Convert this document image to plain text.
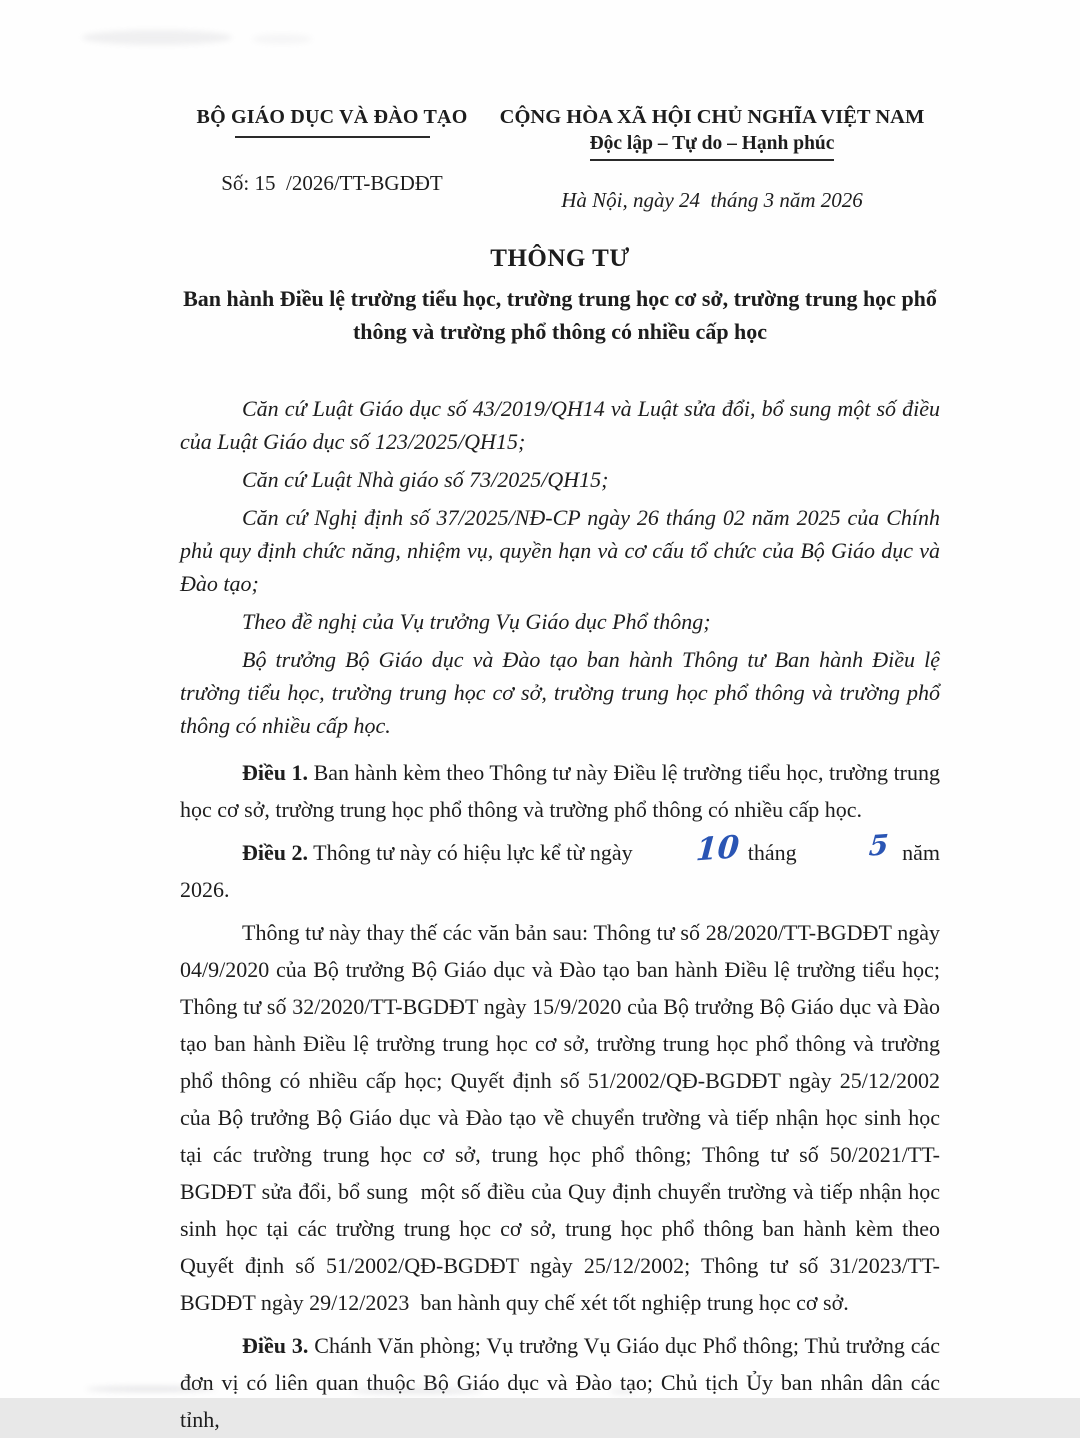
BỘ GIÁO DỤC VÀ ĐÀO TẠO
Số: 15  /2026/TT-BGDĐT
CỘNG HÒA XÃ HỘI CHỦ NGHĨA VIỆT NAM
Độc lập – Tự do – Hạnh phúc
Hà Nội, ngày 24  tháng 3 năm 2026
THÔNG TƯ
Ban hành Điều lệ trường tiểu học, trường trung học cơ sở, trường trung học phổ thông và trường phổ thông có nhiều cấp học

Căn cứ Luật Giáo dục số 43/2019/QH14 và Luật sửa đổi, bổ sung một số điều của Luật Giáo dục số 123/2025/QH15;

Căn cứ Luật Nhà giáo số 73/2025/QH15;

Căn cứ Nghị định số 37/2025/NĐ-CP ngày 26 tháng 02 năm 2025 của Chính phủ quy định chức năng, nhiệm vụ, quyền hạn và cơ cấu tổ chức của Bộ Giáo dục và Đào tạo;

Theo đề nghị của Vụ trưởng Vụ Giáo dục Phổ thông;

Bộ trưởng Bộ Giáo dục và Đào tạo ban hành Thông tư Ban hành Điều lệ trường tiểu học, trường trung học cơ sở, trường trung học phổ thông và trường phổ thông có nhiều cấp học.

Điều 1. Ban hành kèm theo Thông tư này Điều lệ trường tiểu học, trường trung học cơ sở, trường trung học phổ thông và trường phổ thông có nhiều cấp học.

Điều 2. Thông tư này có hiệu lực kể từ ngày 10 tháng	5 năm 2026.

Thông tư này thay thế các văn bản sau: Thông tư số 28/2020/TT-BGDĐT ngày 04/9/2020 của Bộ trưởng Bộ Giáo dục và Đào tạo ban hành Điều lệ trường tiểu học; Thông tư số 32/2020/TT-BGDĐT ngày 15/9/2020 của Bộ trưởng Bộ Giáo dục và Đào tạo ban hành Điều lệ trường trung học cơ sở, trường trung học phổ thông và trường phổ thông có nhiều cấp học; Quyết định số 51/2002/QĐ-BGDĐT ngày 25/12/2002 của Bộ trưởng Bộ Giáo dục và Đào tạo về chuyển trường và tiếp nhận học sinh học tại các trường trung học cơ sở, trung học phổ thông; Thông tư số 50/2021/TT-BGDĐT sửa đổi, bổ sung  một số điều của Quy định chuyển trường và tiếp nhận học sinh học tại các trường trung học cơ sở, trung học phổ thông ban hành kèm theo Quyết định số 51/2002/QĐ-BGDĐT ngày 25/12/2002; Thông tư số 31/2023/TT-BGDĐT ngày 29/12/2023  ban hành quy chế xét tốt nghiệp trung học cơ sở.

Điều 3. Chánh Văn phòng; Vụ trưởng Vụ Giáo dục Phổ thông; Thủ trưởng các đơn vị có liên quan thuộc Bộ Giáo dục và Đào tạo; Chủ tịch Ủy ban nhân dân các tỉnh,
